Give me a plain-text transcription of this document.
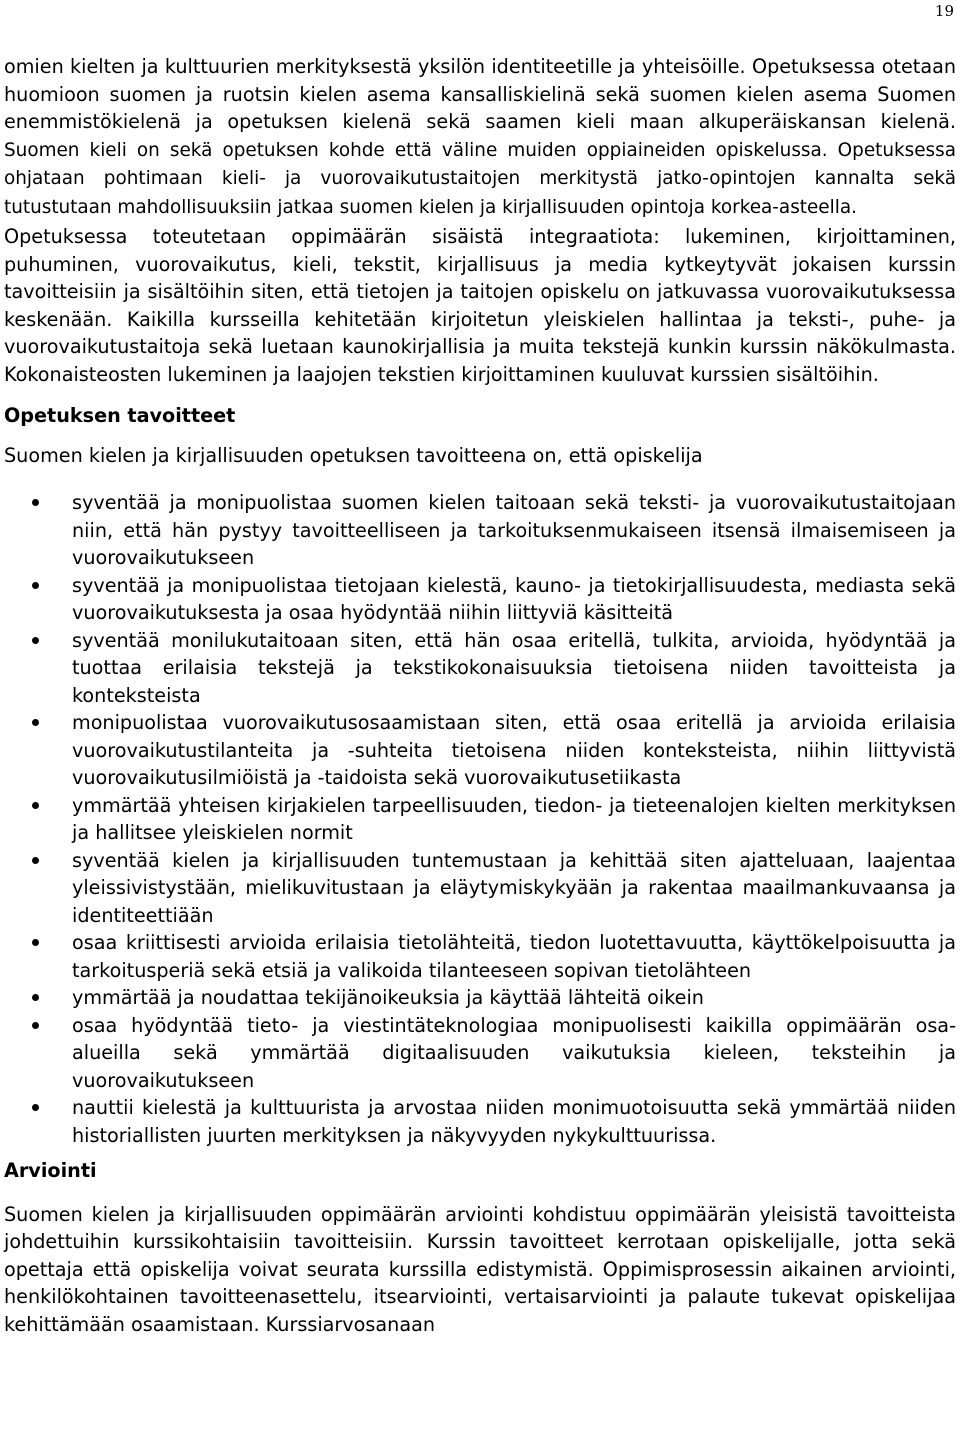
19

omien kielten ja kulttuurien merkityksestä yksilön identiteetille ja yhteisöille. Opetuksessa otetaan huomioon suomen ja ruotsin kielen asema kansalliskielinä sekä suomen kielen asema Suomen enemmistökielenä ja opetuksen kielenä sekä saamen kieli maan alkuperäiskansan kielenä. Suomen kieli on sekä opetuksen kohde että väline muiden oppiaineiden opiskelussa. Opetuksessa ohjataan pohtimaan kieli- ja vuorovaikutustaitojen merkitystä jatko-opintojen kannalta sekä tutustutaan mahdollisuuksiin jatkaa suomen kielen ja kirjallisuuden opintoja korkea-asteella.

Opetuksessa toteutetaan oppimäärän sisäistä integraatiota: lukeminen, kirjoittaminen, puhuminen, vuorovaikutus, kieli, tekstit, kirjallisuus ja media kytkeytyvät jokaisen kurssin tavoitteisiin ja sisältöihin siten, että tietojen ja taitojen opiskelu on jatkuvassa vuorovaikutuksessa keskenään. Kaikilla kursseilla kehitetään kirjoitetun yleiskielen hallintaa ja teksti-, puhe- ja vuorovaikutustaitoja sekä luetaan kaunokirjallisia ja muita tekstejä kunkin kurssin näkökulmasta. Kokonaisteosten lukeminen ja laajojen tekstien kirjoittaminen kuuluvat kurssien sisältöihin.

Opetuksen tavoitteet

Suomen kielen ja kirjallisuuden opetuksen tavoitteena on, että opiskelija

syventää ja monipuolistaa suomen kielen taitoaan sekä teksti- ja vuorovaikutustaitojaan niin, että hän pystyy tavoitteelliseen ja tarkoituksenmukaiseen itsensä ilmaisemiseen ja vuorovaikutukseen
syventää ja monipuolistaa tietojaan kielestä, kauno- ja tietokirjallisuudesta, mediasta sekä vuorovaikutuksesta ja osaa hyödyntää niihin liittyviä käsitteitä
syventää monilukutaitoaan siten, että hän osaa eritellä, tulkita, arvioida, hyödyntää ja tuottaa erilaisia tekstejä ja tekstikokonaisuuksia tietoisena niiden tavoitteista ja konteksteista
monipuolistaa vuorovaikutusosaamistaan siten, että osaa eritellä ja arvioida erilaisia vuorovaikutustilanteita ja -suhteita tietoisena niiden konteksteista, niihin liittyvistä vuorovaikutusilmiöistä ja -taidoista sekä vuorovaikutusetiikasta
ymmärtää yhteisen kirjakielen tarpeellisuuden, tiedon- ja tieteenalojen kielten merkityksen ja hallitsee yleiskielen normit
syventää kielen ja kirjallisuuden tuntemustaan ja kehittää siten ajatteluaan, laajentaa yleissivistystään, mielikuvitustaan ja eläytymiskykyään ja rakentaa maailmankuvaansa ja identiteettiään
osaa kriittisesti arvioida erilaisia tietolähteitä, tiedon luotettavuutta, käyttökelpoisuutta ja tarkoitusperiä sekä etsiä ja valikoida tilanteeseen sopivan tietolähteen
ymmärtää ja noudattaa tekijänoikeuksia ja käyttää lähteitä oikein
osaa hyödyntää tieto- ja viestintäteknologiaa monipuolisesti kaikilla oppimäärän osa-alueilla sekä ymmärtää digitaalisuuden vaikutuksia kieleen, teksteihin ja vuorovaikutukseen
nauttii kielestä ja kulttuurista ja arvostaa niiden monimuotoisuutta sekä ymmärtää niiden historiallisten juurten merkityksen ja näkyvyyden nykykulttuurissa.
Arviointi

Suomen kielen ja kirjallisuuden oppimäärän arviointi kohdistuu oppimäärän yleisistä tavoitteista johdettuihin kurssikohtaisiin tavoitteisiin. Kurssin tavoitteet kerrotaan opiskelijalle, jotta sekä opettaja että opiskelija voivat seurata kurssilla edistymistä. Oppimisprosessin aikainen arviointi, henkilökohtainen tavoitteenasettelu, itsearviointi, vertaisarviointi ja palaute tukevat opiskelijaa kehittämään osaamistaan. Kurssiarvosanaan
